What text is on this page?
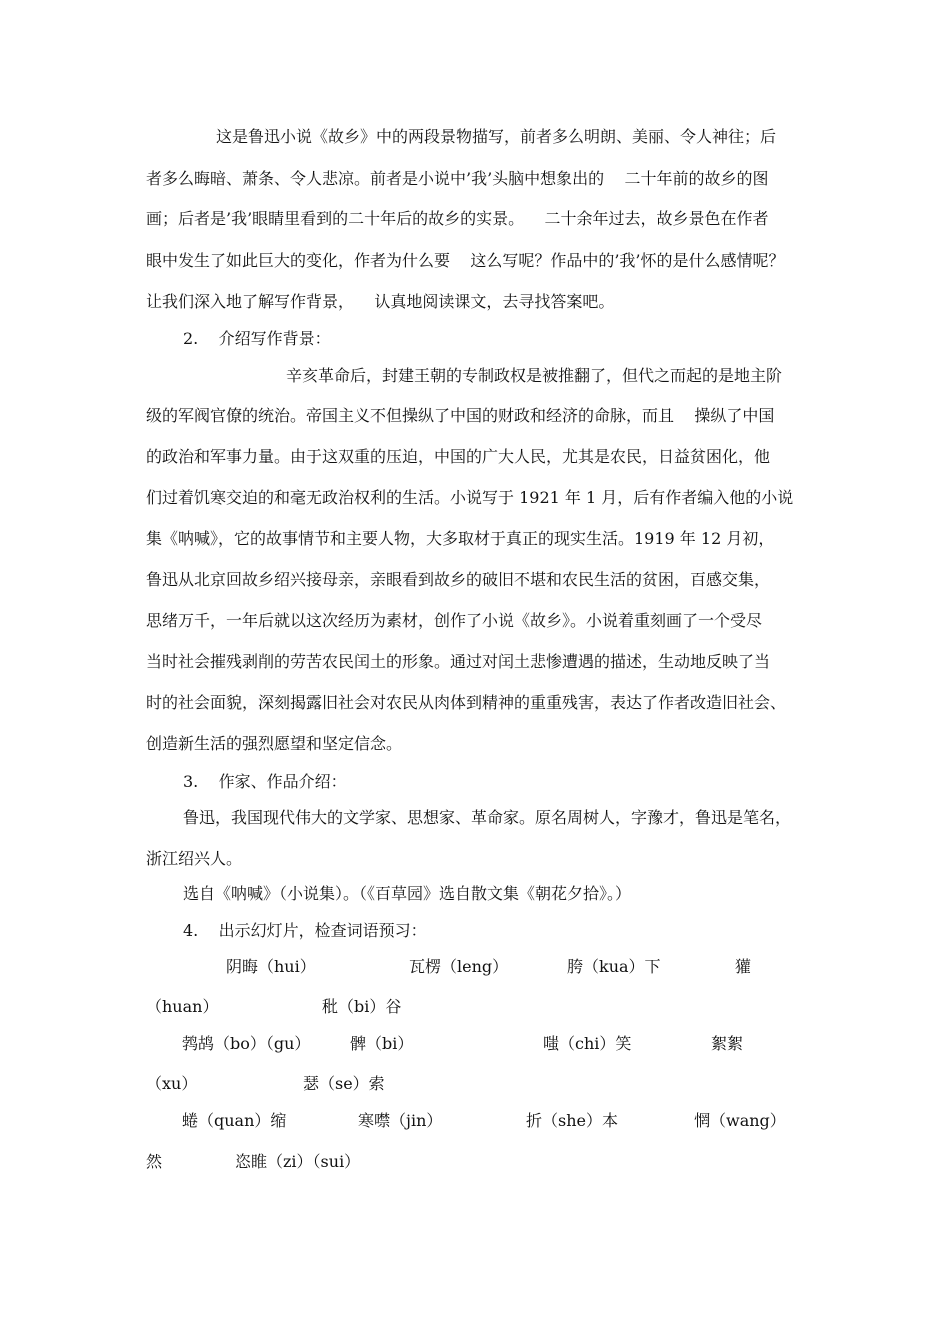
这是鲁迅小说《故乡》中的两段景物描写，前者多么明朗、美丽、令人神往；后

者多么晦暗、萧条、令人悲凉。前者是小说中’我’头脑中想象出的    二十年前的故乡的图

画；后者是’我’眼睛里看到的二十年后的故乡的实景。    二十余年过去，故乡景色在作者

眼中发生了如此巨大的变化，作者为什么要    这么写呢？作品中的’我’怀的是什么感情呢？

让我们深入地了解写作背景，    认真地阅读课文，去寻找答案吧。

2.    介绍写作背景：

辛亥革命后，封建王朝的专制政权是被推翻了，但代之而起的是地主阶

级的军阀官僚的统治。帝国主义不但操纵了中国的财政和经济的命脉，而且    操纵了中国

的政治和军事力量。由于这双重的压迫，中国的广大人民，尤其是农民，日益贫困化，他

们过着饥寒交迫的和毫无政治权利的生活。小说写于 1921 年 1 月，后有作者编入他的小说

集《呐喊》，它的故事情节和主要人物，大多取材于真正的现实生活。1919 年 12 月初，

鲁迅从北京回故乡绍兴接母亲，亲眼看到故乡的破旧不堪和农民生活的贫困，百感交集，

思绪万千，一年后就以这次经历为素材，创作了小说《故乡》。小说着重刻画了一个受尽

当时社会摧残剥削的劳苦农民闰土的形象。通过对闰土悲惨遭遇的描述，生动地反映了当

时的社会面貌，深刻揭露旧社会对农民从肉体到精神的重重残害，表达了作者改造旧社会、

创造新生活的强烈愿望和坚定信念。

3.    作家、作品介绍：

鲁迅，我国现代伟大的文学家、思想家、革命家。原名周树人，字豫才，鲁迅是笔名，

浙江绍兴人。

选自《呐喊》（小说集）。（《百草园》选自散文集《朝花夕拾》。）

4.    出示幻灯片，检查词语预习：

阴晦（hui）	瓦楞（leng）	胯（kua）下	獾

（huan）	秕（bi）谷

鹁鸪（bo）（gu） 髀（bi）	嗤（chi）笑	絮絮

（xu）	瑟（se）索

蜷（quan）缩	寒噤（jin）	折（she）本	惘（wang）

然	恣睢（zi）（sui）
